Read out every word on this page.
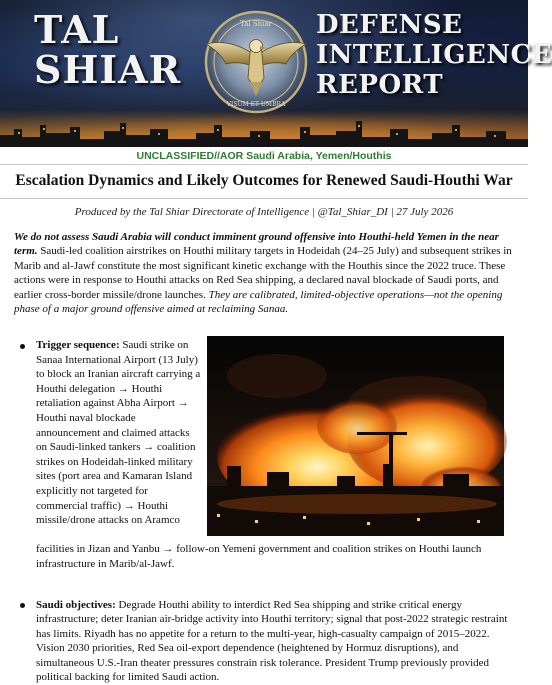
TAL SHIAR
Tal Shiar
VISUM ET UMBRA
DEFENSE INTELLIGENCE REPORT
UNCLASSIFIED//AOR Saudi Arabia, Yemen/Houthis
Escalation Dynamics and Likely Outcomes for Renewed Saudi-Houthi War
Produced by the Tal Shiar Directorate of Intelligence | @Tal_Shiar_DI | 27 July 2026
We do not assess Saudi Arabia will conduct imminent ground offensive into Houthi-held Yemen in the near term. Saudi-led coalition airstrikes on Houthi military targets in Hodeidah (24–25 July) and subsequent strikes in Marib and al-Jawf constitute the most significant kinetic exchange with the Houthis since the 2022 truce. These actions were in response to Houthi attacks on Red Sea shipping, a declared naval blockade of Saudi ports, and earlier cross-border missile/drone launches. They are calibrated, limited-objective operations—not the opening phase of a major ground offensive aimed at reclaiming Sanaa.
Trigger sequence: Saudi strike on Sanaa International Airport (13 July) to block an Iranian aircraft carrying a Houthi delegation → Houthi retaliation against Abha Airport → Houthi naval blockade announcement and claimed attacks on Saudi-linked tankers → coalition strikes on Hodeidah-linked military sites (port area and Kamaran Island explicitly not targeted for commercial traffic) → Houthi missile/drone attacks on Aramco
facilities in Jizan and Yanbu → follow-on Yemeni government and coalition strikes on Houthi launch infrastructure in Marib/al-Jawf.
Saudi objectives: Degrade Houthi ability to interdict Red Sea shipping and strike critical energy infrastructure; deter Iranian air-bridge activity into Houthi territory; signal that post-2022 strategic restraint has limits. Riyadh has no appetite for a return to the multi-year, high-casualty campaign of 2015–2022. Vision 2030 priorities, Red Sea oil-export dependence (heightened by Hormuz disruptions), and simultaneous U.S.-Iran theater pressures constrain risk tolerance. President Trump previously provided political backing for limited Saudi action.
